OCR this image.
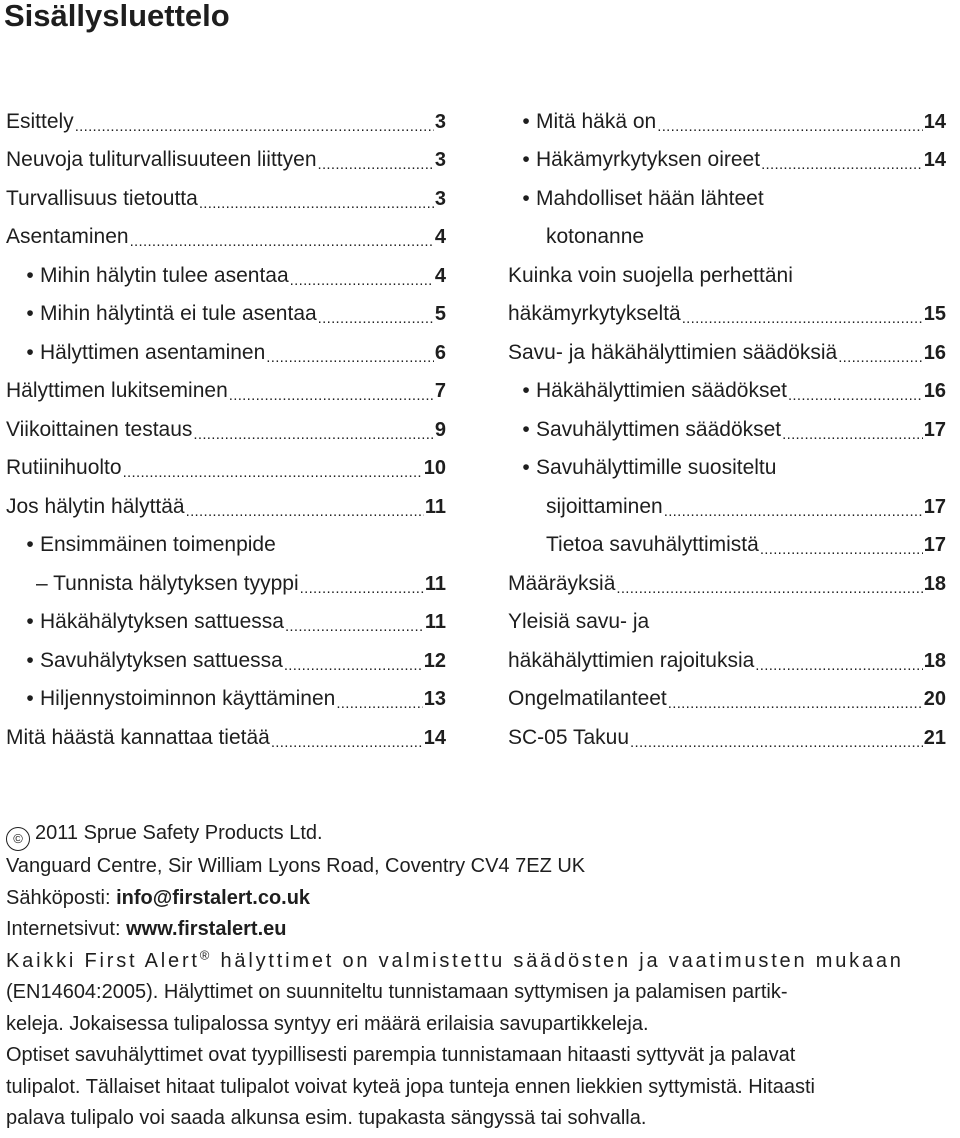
Sisällysluettelo
Esittely .....	3
Neuvoja tuliturvallisuuteen liittyen .....	3
Turvallisuus tietoutta .....	3
Asentaminen .....	4
• Mihin hälytin tulee asentaa .....	4
• Mihin hälytintä ei tule asentaa .....	5
• Hälyttimen asentaminen .....	6
Hälyttimen lukitseminen .....	7
Viikoittainen testaus .....	9
Rutiinihuolto .....	10
Jos hälytin hälyttää .....	11
• Ensimmäinen toimenpide
– Tunnista hälytyksen tyyppi .....	11
• Häkähälytyksen sattuessa .....	11
• Savuhälytyksen sattuessa .....	12
• Hiljennystoiminnon käyttäminen .....	13
Mitä häästä kannattaa tietää .....	14
• Mitä häkä on .....	14
• Häkämyrkytyksen oireet .....	14
• Mahdolliset hään lähteet
kotonanne
Kuinka voin suojella perhettäni
häkämyrkytykseltä .....	15
Savu- ja häkähälyttimien säädöksiä .....	16
• Häkähälyttimien säädökset .....	16
• Savuhälyttimen säädökset .....	17
• Savuhälyttimille suositeltu
sijoittaminen .....	17
Tietoa savuhälyttimistä .....	17
Määräyksiä .....	18
Yleisiä savu- ja
häkähälyttimien rajoituksia .....	18
Ongelmatilanteet .....	20
SC-05 Takuu .....	21

© 2011 Sprue Safety Products Ltd.

Vanguard Centre, Sir William Lyons Road, Coventry CV4 7EZ UK

Sähköposti: info@firstalert.co.uk

Internetsivut: www.firstalert.eu

Kaikki First Alert® hälyttimet on valmistettu säädösten ja vaatimusten mukaan

(EN14604:2005). Hälyttimet on suunniteltu tunnistamaan syttymisen ja palamisen partik-

keleja. Jokaisessa tulipalossa syntyy eri määrä erilaisia savupartikkeleja.

Optiset savuhälyttimet ovat tyypillisesti parempia tunnistamaan hitaasti syttyvät ja palavat

tulipalot. Tällaiset hitaat tulipalot voivat kyteä jopa tunteja ennen liekkien syttymistä. Hitaasti

palava tulipalo voi saada alkunsa esim. tupakasta sängyssä tai sohvalla.
